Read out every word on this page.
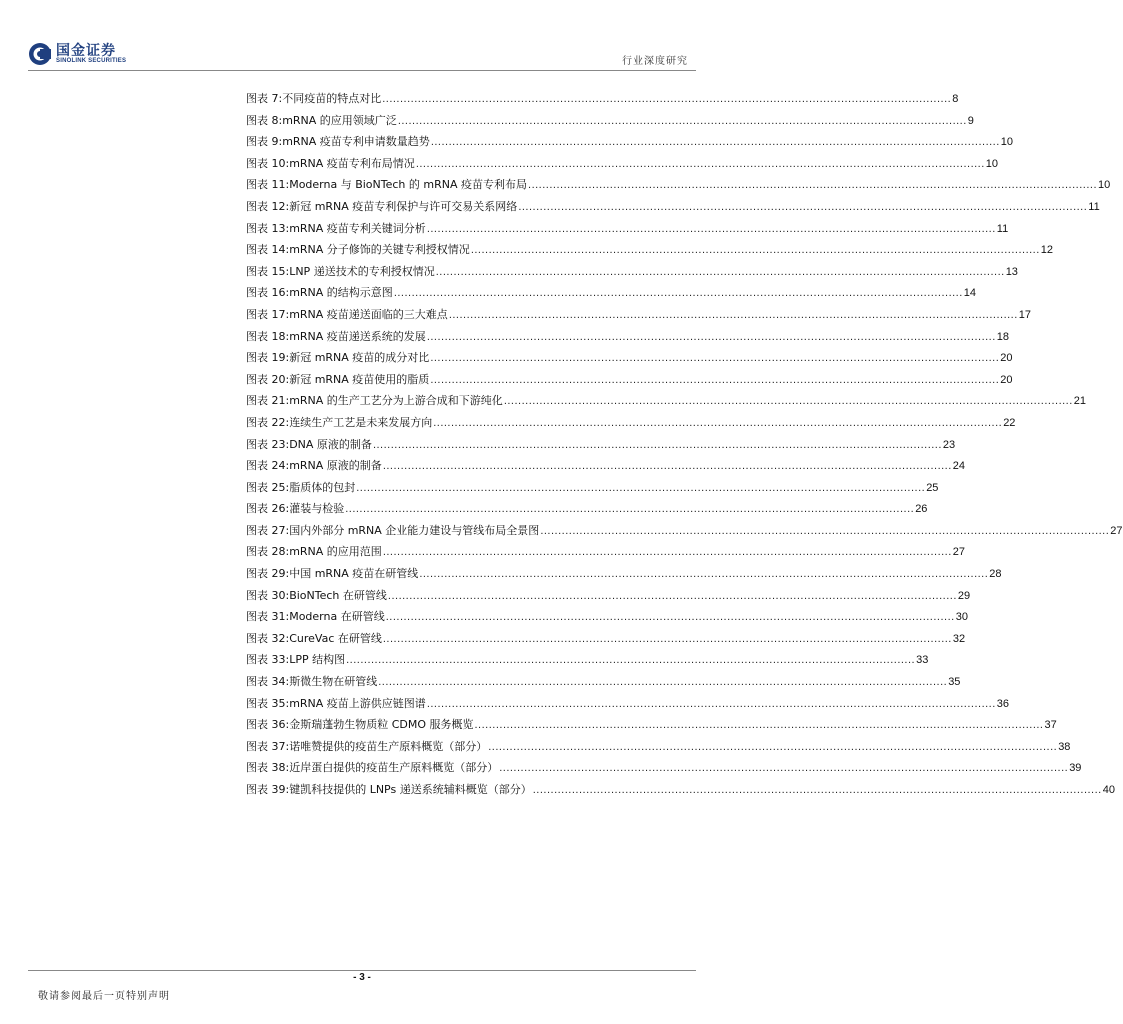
国金证券
SINOLINK SECURITIES	行业深度研究
图表 7: 不同疫苗的特点对比 ................................................................................................................................................................ 8
图表 8: mRNA 的应用领域广泛 ................................................................................................................................................................ 9
图表 9: mRNA 疫苗专利申请数量趋势 ................................................................................................................................................................ 10
图表 10: mRNA 疫苗专利布局情况 ................................................................................................................................................................ 10
图表 11: Moderna 与 BioNTech 的 mRNA 疫苗专利布局 ................................................................................................................................................................ 10
图表 12: 新冠 mRNA 疫苗专利保护与许可交易关系网络 ................................................................................................................................................................ 11
图表 13: mRNA 疫苗专利关键词分析 ................................................................................................................................................................ 11
图表 14: mRNA 分子修饰的关键专利授权情况 ................................................................................................................................................................ 12
图表 15: LNP 递送技术的专利授权情况 ................................................................................................................................................................ 13
图表 16: mRNA 的结构示意图 ................................................................................................................................................................ 14
图表 17: mRNA 疫苗递送面临的三大难点 ................................................................................................................................................................ 17
图表 18: mRNA 疫苗递送系统的发展 ................................................................................................................................................................ 18
图表 19: 新冠 mRNA 疫苗的成分对比 ................................................................................................................................................................ 20
图表 20: 新冠 mRNA 疫苗使用的脂质 ................................................................................................................................................................ 20
图表 21: mRNA 的生产工艺分为上游合成和下游纯化 ................................................................................................................................................................ 21
图表 22: 连续生产工艺是未来发展方向 ................................................................................................................................................................ 22
图表 23: DNA 原液的制备 ................................................................................................................................................................ 23
图表 24: mRNA 原液的制备 ................................................................................................................................................................ 24
图表 25: 脂质体的包封 ................................................................................................................................................................ 25
图表 26: 灌装与检验 ................................................................................................................................................................ 26
图表 27: 国内外部分 mRNA 企业能力建设与管线布局全景图 ................................................................................................................................................................ 27
图表 28: mRNA 的应用范围 ................................................................................................................................................................ 27
图表 29: 中国 mRNA 疫苗在研管线 ................................................................................................................................................................ 28
图表 30: BioNTech 在研管线 ................................................................................................................................................................ 29
图表 31: Moderna 在研管线 ................................................................................................................................................................ 30
图表 32: CureVac 在研管线 ................................................................................................................................................................ 32
图表 33: LPP 结构图 ................................................................................................................................................................ 33
图表 34: 斯微生物在研管线 ................................................................................................................................................................ 35
图表 35: mRNA 疫苗上游供应链图谱 ................................................................................................................................................................ 36
图表 36: 金斯瑞蓬勃生物质粒 CDMO 服务概览 ................................................................................................................................................................ 37
图表 37: 诺唯赞提供的疫苗生产原料概览（部分） ................................................................................................................................................................ 38
图表 38: 近岸蛋白提供的疫苗生产原料概览（部分） ................................................................................................................................................................ 39
图表 39: 键凯科技提供的 LNPs 递送系统辅料概览（部分） ................................................................................................................................................................ 40
- 3 -
敬请参阅最后一页特别声明
